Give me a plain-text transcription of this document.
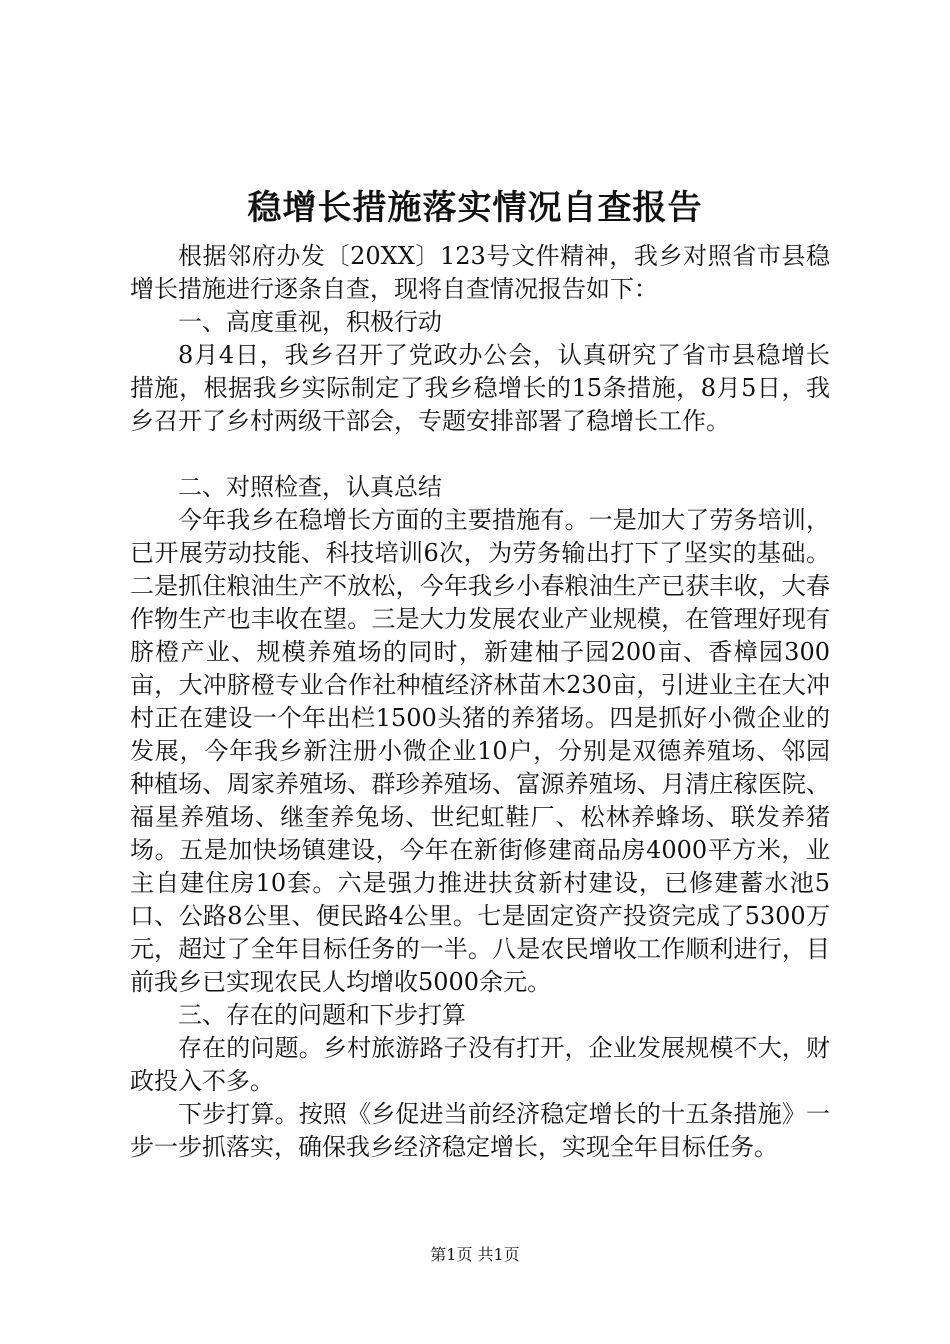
稳增长措施落实情况自查报告

根据邻府办发〔20XX〕123号文件精神，我乡对照省市县稳增长措施进行逐条自查，现将自查情况报告如下：

一、高度重视，积极行动

8月4日，我乡召开了党政办公会，认真研究了省市县稳增长措施，根据我乡实际制定了我乡稳增长的15条措施，8月5日，我乡召开了乡村两级干部会，专题安排部署了稳增长工作。

二、对照检查，认真总结

今年我乡在稳增长方面的主要措施有。一是加大了劳务培训，已开展劳动技能、科技培训6次，为劳务输出打下了坚实的基础。二是抓住粮油生产不放松，今年我乡小春粮油生产已获丰收，大春作物生产也丰收在望。三是大力发展农业产业规模，在管理好现有脐橙产业、规模养殖场的同时，新建柚子园200亩、香樟园300亩，大冲脐橙专业合作社种植经济林苗木230亩，引进业主在大冲村正在建设一个年出栏1500头猪的养猪场。四是抓好小微企业的发展，今年我乡新注册小微企业10户，分别是双德养殖场、邻园种植场、周家养殖场、群珍养殖场、富源养殖场、月清庄稼医院、福星养殖场、继奎养兔场、世纪虹鞋厂、松林养蜂场、联发养猪场。五是加快场镇建设，今年在新街修建商品房4000平方米，业主自建住房10套。六是强力推进扶贫新村建设，已修建蓄水池5口、公路8公里、便民路4公里。七是固定资产投资完成了5300万元，超过了全年目标任务的一半。八是农民增收工作顺利进行，目前我乡已实现农民人均增收5000余元。

三、存在的问题和下步打算

存在的问题。乡村旅游路子没有打开，企业发展规模不大，财政投入不多。

下步打算。按照《乡促进当前经济稳定增长的十五条措施》一步一步抓落实，确保我乡经济稳定增长，实现全年目标任务。

第1页 共1页
